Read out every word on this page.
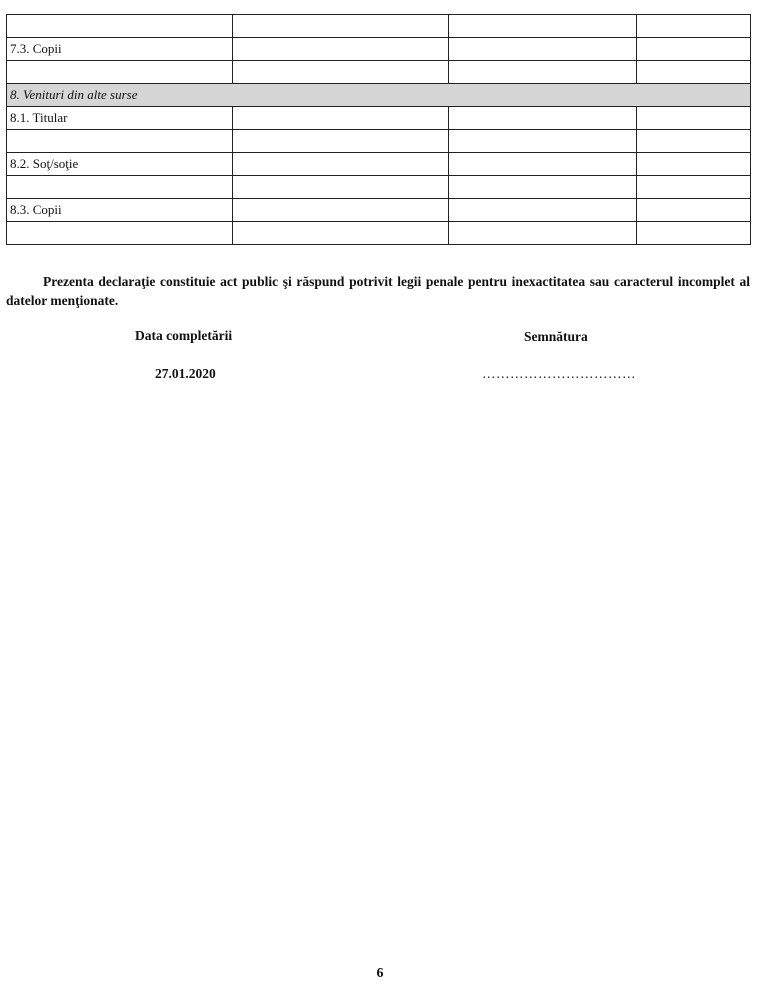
7.3. Copii			

8. Venituri din alte surse			
8.1. Titular			

8.2. Soţ/soţie			

8.3. Copii			

Prezenta declaraţie constituie act public şi răspund potrivit legii penale pentru inexactitatea sau caracterul incomplet al datelor menţionate.

Data completării	Semnătura
27.01.2020	……………………………
6
